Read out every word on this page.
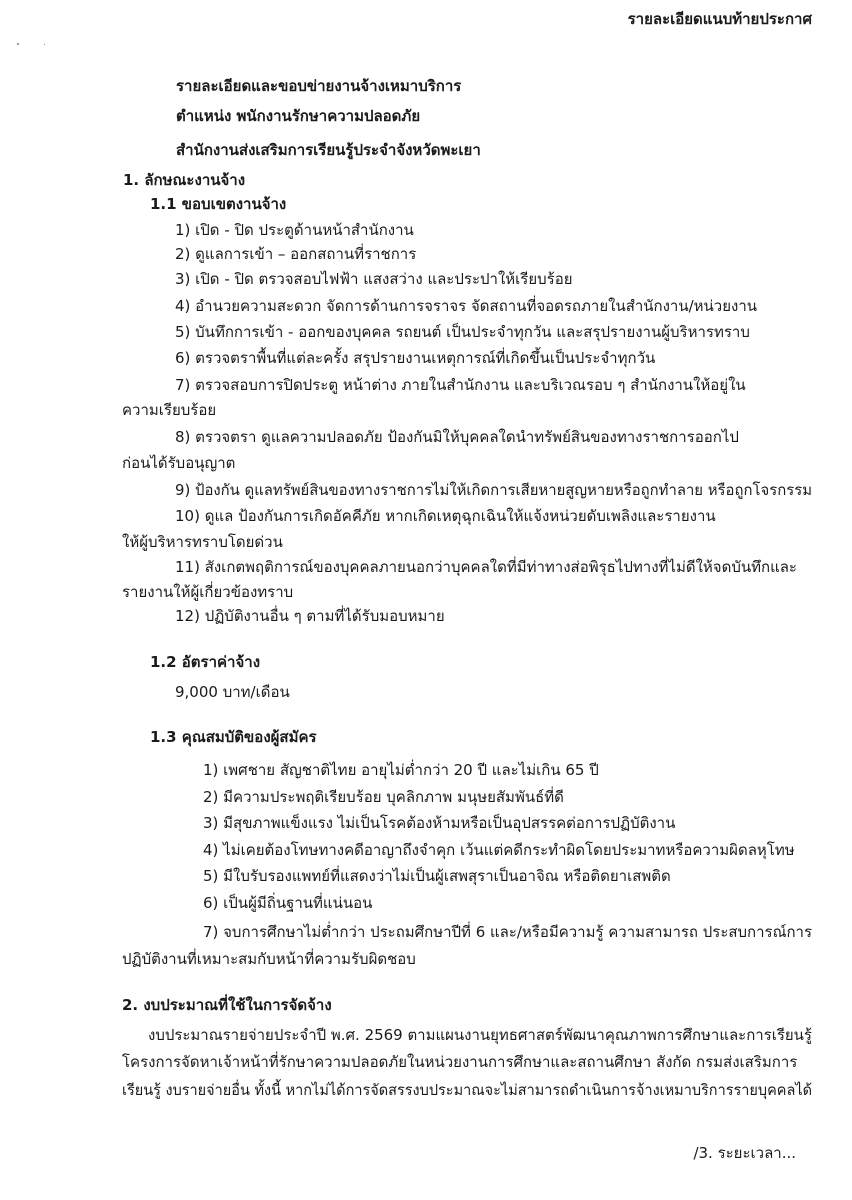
รายละเอียดแนบท้ายประกาศ
รายละเอียดและขอบข่ายงานจ้างเหมาบริการ
ตำแหน่ง พนักงานรักษาความปลอดภัย
สำนักงานส่งเสริมการเรียนรู้ประจำจังหวัดพะเยา
1. ลักษณะงานจ้าง
1.1 ขอบเขตงานจ้าง
1) เปิด - ปิด ประตูด้านหน้าสำนักงาน
2) ดูแลการเข้า – ออกสถานที่ราชการ
3) เปิด - ปิด ตรวจสอบไฟฟ้า แสงสว่าง และประปาให้เรียบร้อย
4) อำนวยความสะดวก จัดการด้านการจราจร จัดสถานที่จอดรถภายในสำนักงาน/หน่วยงาน
5) บันทึกการเข้า - ออกของบุคคล รถยนต์ เป็นประจำทุกวัน และสรุปรายงานผู้บริหารทราบ
6) ตรวจตราพื้นที่แต่ละครั้ง สรุปรายงานเหตุการณ์ที่เกิดขึ้นเป็นประจำทุกวัน
7) ตรวจสอบการปิดประตู หน้าต่าง ภายในสำนักงาน และบริเวณรอบ ๆ สำนักงานให้อยู่ใน
ความเรียบร้อย
8) ตรวจตรา ดูแลความปลอดภัย ป้องกันมิให้บุคคลใดนำทรัพย์สินของทางราชการออกไป
ก่อนได้รับอนุญาต
9) ป้องกัน ดูแลทรัพย์สินของทางราชการไม่ให้เกิดการเสียหายสูญหายหรือถูกทำลาย หรือถูกโจรกรรม
10) ดูแล ป้องกันการเกิดอัคคีภัย หากเกิดเหตุฉุกเฉินให้แจ้งหน่วยดับเพลิงและรายงาน
ให้ผู้บริหารทราบโดยด่วน
11) สังเกตพฤติการณ์ของบุคคลภายนอกว่าบุคคลใดที่มีท่าทางส่อพิรุธไปทางที่ไม่ดีให้จดบันทึกและ
รายงานให้ผู้เกี่ยวข้องทราบ
12) ปฏิบัติงานอื่น ๆ ตามที่ได้รับมอบหมาย
1.2 อัตราค่าจ้าง
9,000 บาท/เดือน
1.3 คุณสมบัติของผู้สมัคร
1) เพศชาย สัญชาติไทย อายุไม่ต่ำกว่า 20 ปี และไม่เกิน 65 ปี
2) มีความประพฤติเรียบร้อย บุคลิกภาพ มนุษยสัมพันธ์ที่ดี
3) มีสุขภาพแข็งแรง ไม่เป็นโรคต้องห้ามหรือเป็นอุปสรรคต่อการปฏิบัติงาน
4) ไม่เคยต้องโทษทางคดีอาญาถึงจำคุก เว้นแต่คดีกระทำผิดโดยประมาทหรือความผิดลหุโทษ
5) มีใบรับรองแพทย์ที่แสดงว่าไม่เป็นผู้เสพสุราเป็นอาจิณ หรือติดยาเสพติด
6) เป็นผู้มีถิ่นฐานที่แน่นอน
7) จบการศึกษาไม่ต่ำกว่า ประถมศึกษาปีที่ 6 และ/หรือมีความรู้ ความสามารถ ประสบการณ์การ
ปฏิบัติงานที่เหมาะสมกับหน้าที่ความรับผิดชอบ
2. งบประมาณที่ใช้ในการจัดจ้าง
งบประมาณรายจ่ายประจำปี พ.ศ. 2569 ตามแผนงานยุทธศาสตร์พัฒนาคุณภาพการศึกษาและการเรียนรู้
โครงการจัดหาเจ้าหน้าที่รักษาความปลอดภัยในหน่วยงานการศึกษาและสถานศึกษา สังกัด กรมส่งเสริมการ
เรียนรู้ งบรายจ่ายอื่น ทั้งนี้ หากไม่ได้การจัดสรรงบประมาณจะไม่สามารถดำเนินการจ้างเหมาบริการรายบุคคลได้
/3. ระยะเวลา...
